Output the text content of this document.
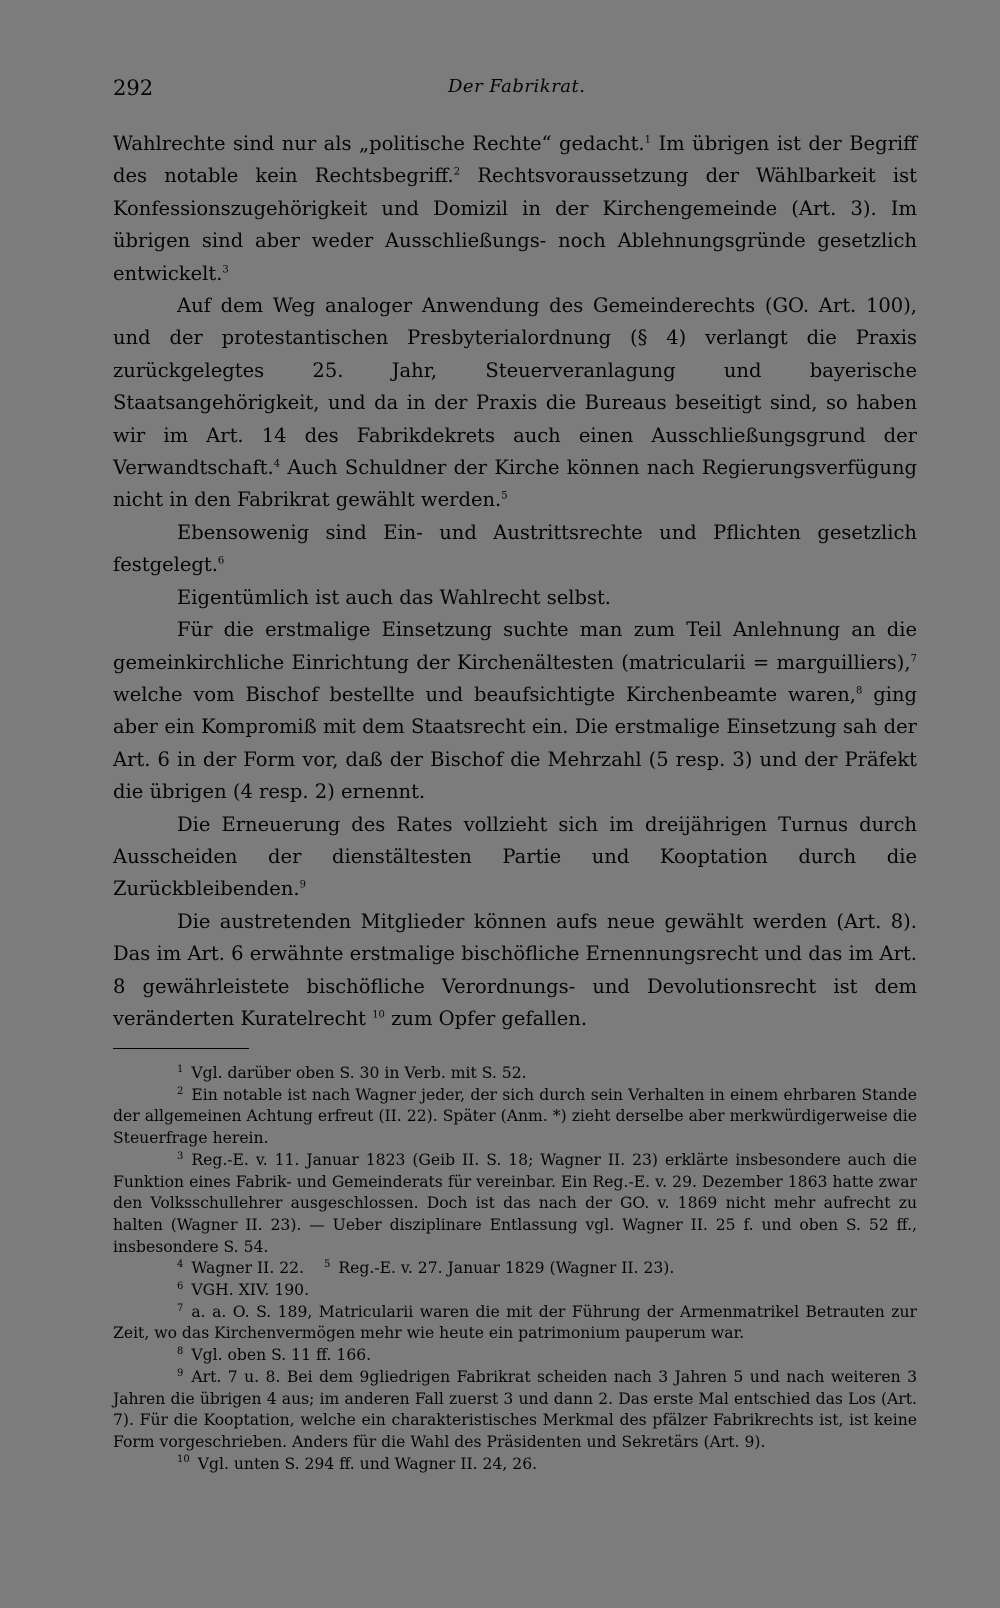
292	Der Fabrikrat.

Wahlrechte sind nur als „politische Rechte“ gedacht.$^1$ Im übrigen ist der Begriff des notable kein Rechtsbegriff.$^2$ Rechtsvoraussetzung der Wählbarkeit ist Konfessionszugehörigkeit und Domizil in der Kirchengemeinde (Art. 3). Im übrigen sind aber weder Ausschließungs- noch Ablehnungsgründe gesetzlich entwickelt.$^3$

Auf dem Weg analoger Anwendung des Gemeinderechts (GO. Art. 100), und der protestantischen Presbyterialordnung (§ 4) verlangt die Praxis zurückgelegtes 25. Jahr, Steuerveranlagung und bayerische Staatsangehörigkeit, und da in der Praxis die Bureaus beseitigt sind, so haben wir im Art. 14 des Fabrikdekrets auch einen Ausschließungsgrund der Verwandtschaft.$^4$ Auch Schuldner der Kirche können nach Regierungsverfügung nicht in den Fabrikrat gewählt werden.$^5$

Ebensowenig sind Ein- und Austrittsrechte und Pflichten gesetzlich festgelegt.$^6$

Eigentümlich ist auch das Wahlrecht selbst.

Für die erstmalige Einsetzung suchte man zum Teil Anlehnung an die gemeinkirchliche Einrichtung der Kirchenältesten (matricularii = marguilliers),$^7$ welche vom Bischof bestellte und beaufsichtigte Kirchenbeamte waren,$^8$ ging aber ein Kompromiß mit dem Staatsrecht ein. Die erstmalige Einsetzung sah der Art. 6 in der Form vor, daß der Bischof die Mehrzahl (5 resp. 3) und der Präfekt die übrigen (4 resp. 2) ernennt.

Die Erneuerung des Rates vollzieht sich im dreijährigen Turnus durch Ausscheiden der dienstältesten Partie und Kooptation durch die Zurückbleibenden.$^9$

Die austretenden Mitglieder können aufs neue gewählt werden (Art. 8). Das im Art. 6 erwähnte erstmalige bischöfliche Ernennungsrecht und das im Art. 8 gewährleistete bischöfliche Verordnungs- und Devolutionsrecht ist dem veränderten Kuratelrecht $^{10}$ zum Opfer gefallen.

$^1$ Vgl. darüber oben S. 30 in Verb. mit S. 52.

$^2$ Ein notable ist nach Wagner jeder, der sich durch sein Verhalten in einem ehrbaren Stande der allgemeinen Achtung erfreut (II. 22). Später (Anm. *) zieht derselbe aber merkwürdigerweise die Steuerfrage herein.

$^3$ Reg.-E. v. 11. Januar 1823 (Geib II. S. 18; Wagner II. 23) erklärte insbesondere auch die Funktion eines Fabrik- und Gemeinderats für vereinbar. Ein Reg.-E. v. 29. Dezember 1863 hatte zwar den Volksschullehrer ausgeschlossen. Doch ist das nach der GO. v. 1869 nicht mehr aufrecht zu halten (Wagner II. 23). — Ueber disziplinare Entlassung vgl. Wagner II. 25 f. und oben S. 52 ff., insbesondere S. 54.

$^4$ Wagner II. 22. $^5$ Reg.-E. v. 27. Januar 1829 (Wagner II. 23).

$^6$ VGH. XIV. 190.

$^7$ a. a. O. S. 189, Matricularii waren die mit der Führung der Armenmatrikel Betrauten zur Zeit, wo das Kirchenvermögen mehr wie heute ein patrimonium pauperum war.

$^8$ Vgl. oben S. 11 ff. 166.

$^9$ Art. 7 u. 8. Bei dem 9gliedrigen Fabrikrat scheiden nach 3 Jahren 5 und nach weiteren 3 Jahren die übrigen 4 aus; im anderen Fall zuerst 3 und dann 2. Das erste Mal entschied das Los (Art. 7). Für die Kooptation, welche ein charakteristisches Merkmal des pfälzer Fabrikrechts ist, ist keine Form vorgeschrieben. Anders für die Wahl des Präsidenten und Sekretärs (Art. 9).

$^{10}$ Vgl. unten S. 294 ff. und Wagner II. 24, 26.
